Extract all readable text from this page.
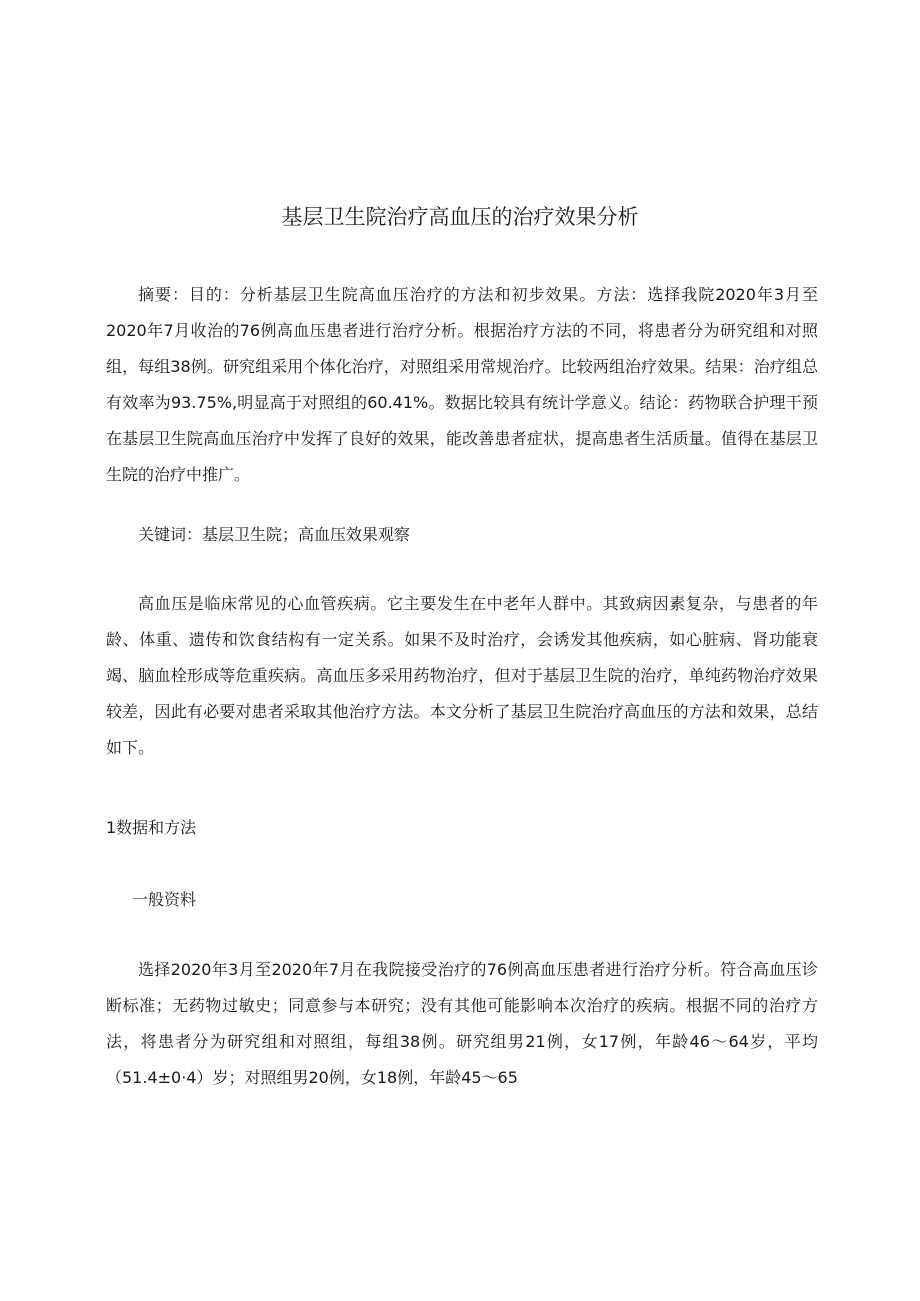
基层卫生院治疗高血压的治疗效果分析

摘要：目的：分析基层卫生院高血压治疗的方法和初步效果。方法：选择我院2020年3月至2020年7月收治的76例高血压患者进行治疗分析。根据治疗方法的不同，将患者分为研究组和对照组，每组38例。研究组采用个体化治疗，对照组采用常规治疗。比较两组治疗效果。结果：治疗组总有效率为93.75%,明显高于对照组的60.41%。数据比较具有统计学意义。结论：药物联合护理干预在基层卫生院高血压治疗中发挥了良好的效果，能改善患者症状，提高患者生活质量。值得在基层卫生院的治疗中推广。

关键词：基层卫生院；高血压效果观察

高血压是临床常见的心血管疾病。它主要发生在中老年人群中。其致病因素复杂，与患者的年龄、体重、遗传和饮食结构有一定关系。如果不及时治疗，会诱发其他疾病，如心脏病、肾功能衰竭、脑血栓形成等危重疾病。高血压多采用药物治疗，但对于基层卫生院的治疗，单纯药物治疗效果较差，因此有必要对患者采取其他治疗方法。本文分析了基层卫生院治疗高血压的方法和效果，总结如下。

1数据和方法
一般资料

选择2020年3月至2020年7月在我院接受治疗的76例高血压患者进行治疗分析。符合高血压诊断标准；无药物过敏史；同意参与本研究；没有其他可能影响本次治疗的疾病。根据不同的治疗方法，将患者分为研究组和对照组，每组38例。研究组男21例，女17例，年龄46～64岁，平均（51.4±0·4）岁；对照组男20例，女18例，年龄45～65
